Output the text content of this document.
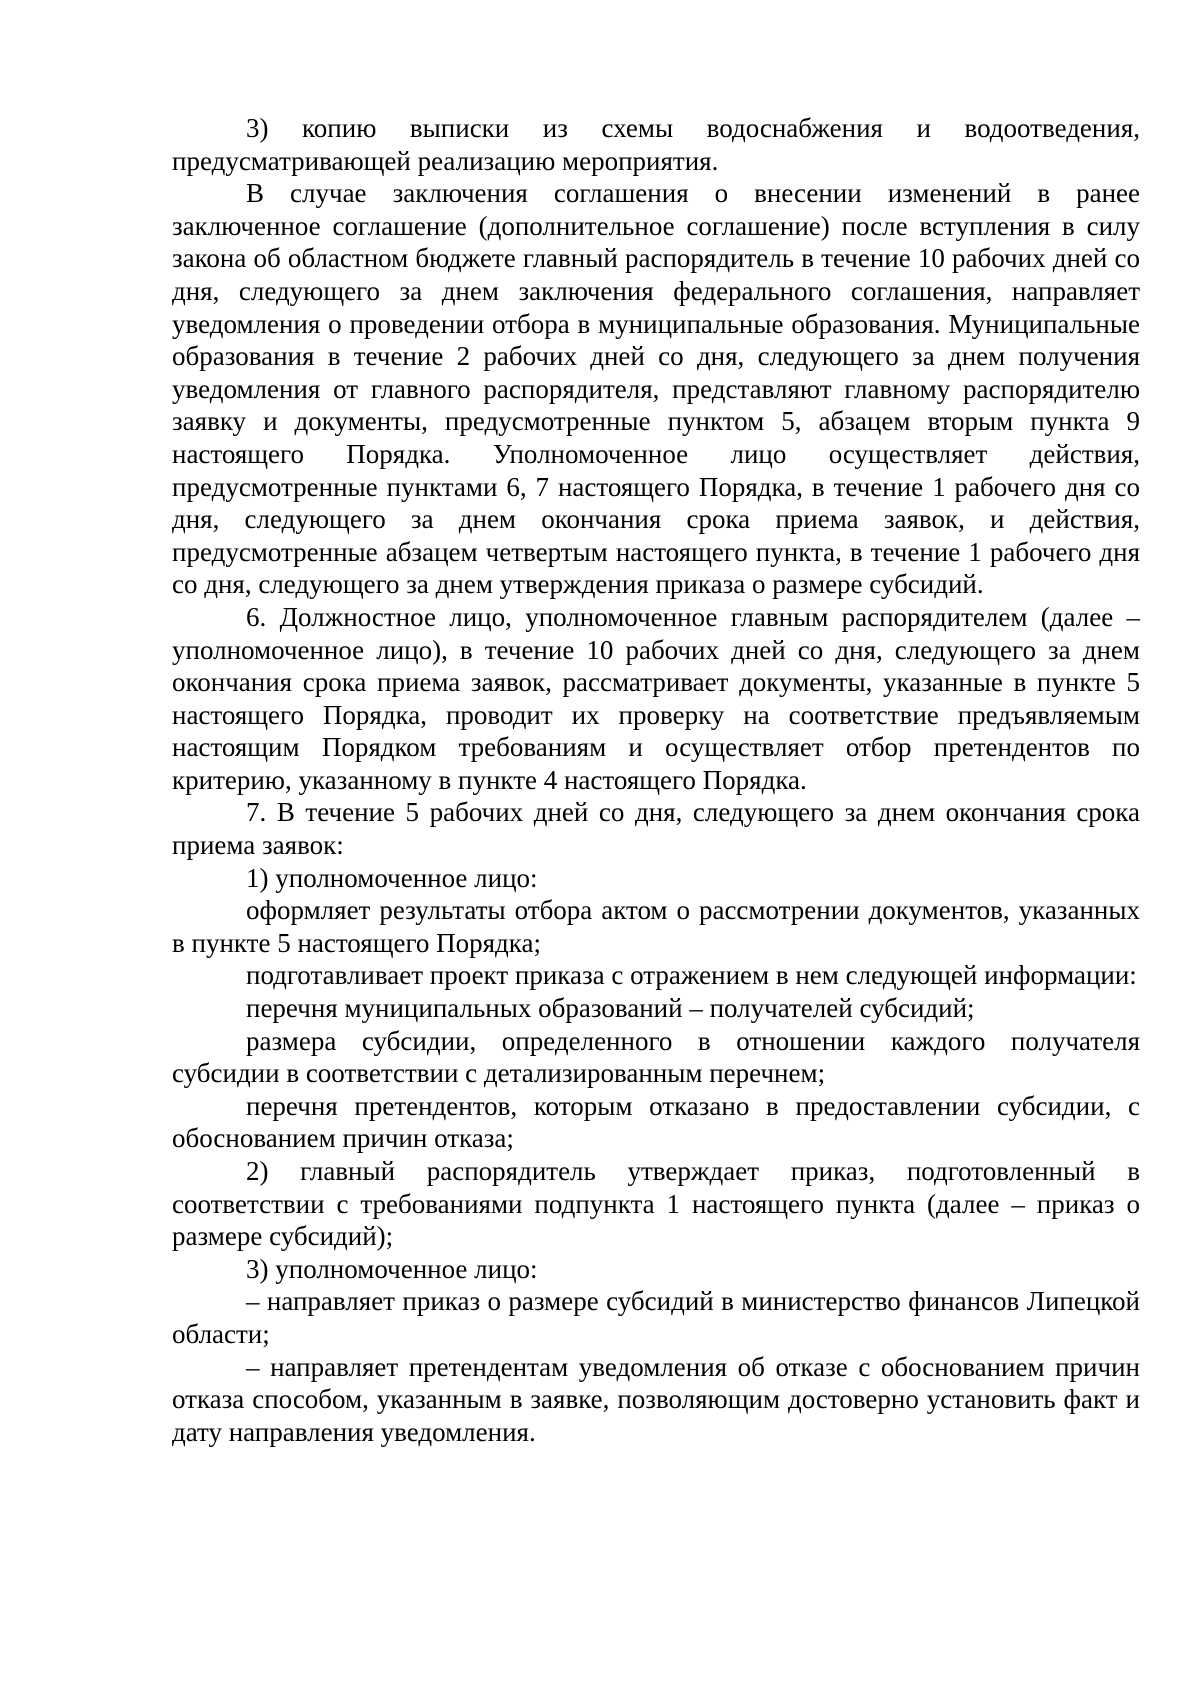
3) копию выписки из схемы водоснабжения и водоотведения, предусматривающей реализацию мероприятия.

В случае заключения соглашения о внесении изменений в ранее заключенное соглашение (дополнительное соглашение) после вступления в силу закона об областном бюджете главный распорядитель в течение 10 рабочих дней со дня, следующего за днем заключения федерального соглашения, направляет уведомления о проведении отбора в муниципальные образования. Муниципальные образования в течение 2 рабочих дней со дня, следующего за днем получения уведомления от главного распорядителя, представляют главному распорядителю заявку и документы, предусмотренные пунктом 5, абзацем вторым пункта 9 настоящего Порядка. Уполномоченное лицо осуществляет действия, предусмотренные пунктами 6, 7 настоящего Порядка, в течение 1 рабочего дня со дня, следующего за днем окончания срока приема заявок, и действия, предусмотренные абзацем четвертым настоящего пункта, в течение 1 рабочего дня со дня, следующего за днем утверждения приказа о размере субсидий.

6. Должностное лицо, уполномоченное главным распорядителем (далее – уполномоченное лицо), в течение 10 рабочих дней со дня, следующего за днем окончания срока приема заявок, рассматривает документы, указанные в пункте 5 настоящего Порядка, проводит их проверку на соответствие предъявляемым настоящим Порядком требованиям и осуществляет отбор претендентов по критерию, указанному в пункте 4 настоящего Порядка.

7. В течение 5 рабочих дней со дня, следующего за днем окончания срока приема заявок:

1) уполномоченное лицо:

оформляет результаты отбора актом о рассмотрении документов, указанных в пункте 5 настоящего Порядка;

подготавливает проект приказа с отражением в нем следующей информации:

перечня муниципальных образований – получателей субсидий;

размера субсидии, определенного в отношении каждого получателя субсидии в соответствии с детализированным перечнем;

перечня претендентов, которым отказано в предоставлении субсидии, с обоснованием причин отказа;

2) главный распорядитель утверждает приказ, подготовленный в соответствии с требованиями подпункта 1 настоящего пункта (далее – приказ о размере субсидий);

3) уполномоченное лицо:

– направляет приказ о размере субсидий в министерство финансов Липецкой области;

– направляет претендентам уведомления об отказе с обоснованием причин отказа способом, указанным в заявке, позволяющим достоверно установить факт и дату направления уведомления.
